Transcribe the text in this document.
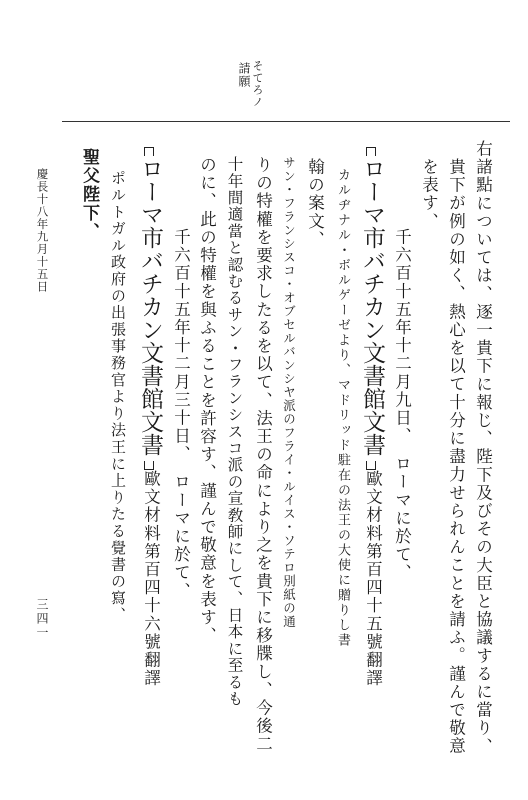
そてろノ
請願
右諸點については、逐一貴下に報じ、陛下及びその大臣と協議するに當り、
貴下が例の如く、熱心を以て十分に盡力せられんことを請ふ。謹んで敬意
を表す、
千六百十五年十二月九日、　ローマに於て、
ローマ市バチカン文書館文書
歐文材料第百四十五號翻譯
カルヂナル・ボルゲーゼより、マドリッド駐在の法王の大使に贈りし書
翰の案文、
サン・フランシスコ・オブセルバンシヤ派のフライ・ルイス・ソテロ別紙の通
りの特權を要求したるを以て、法王の命により之を貴下に移牒し、今後二
十年間適當と認むるサン・フランシスコ派の宣敎師にして、日本に至るも
のに、此の特權を與ふることを許容す、謹んで敬意を表す、
千六百十五年十二月三十日、　ローマに於て、
ローマ市バチカン文書館文書
歐文材料第百四十六號翻譯
ポルトガル政府の出張事務官より法王に上りたる覺書の寫、
聖父陛下、
慶長十八年九月十五日
三四一
